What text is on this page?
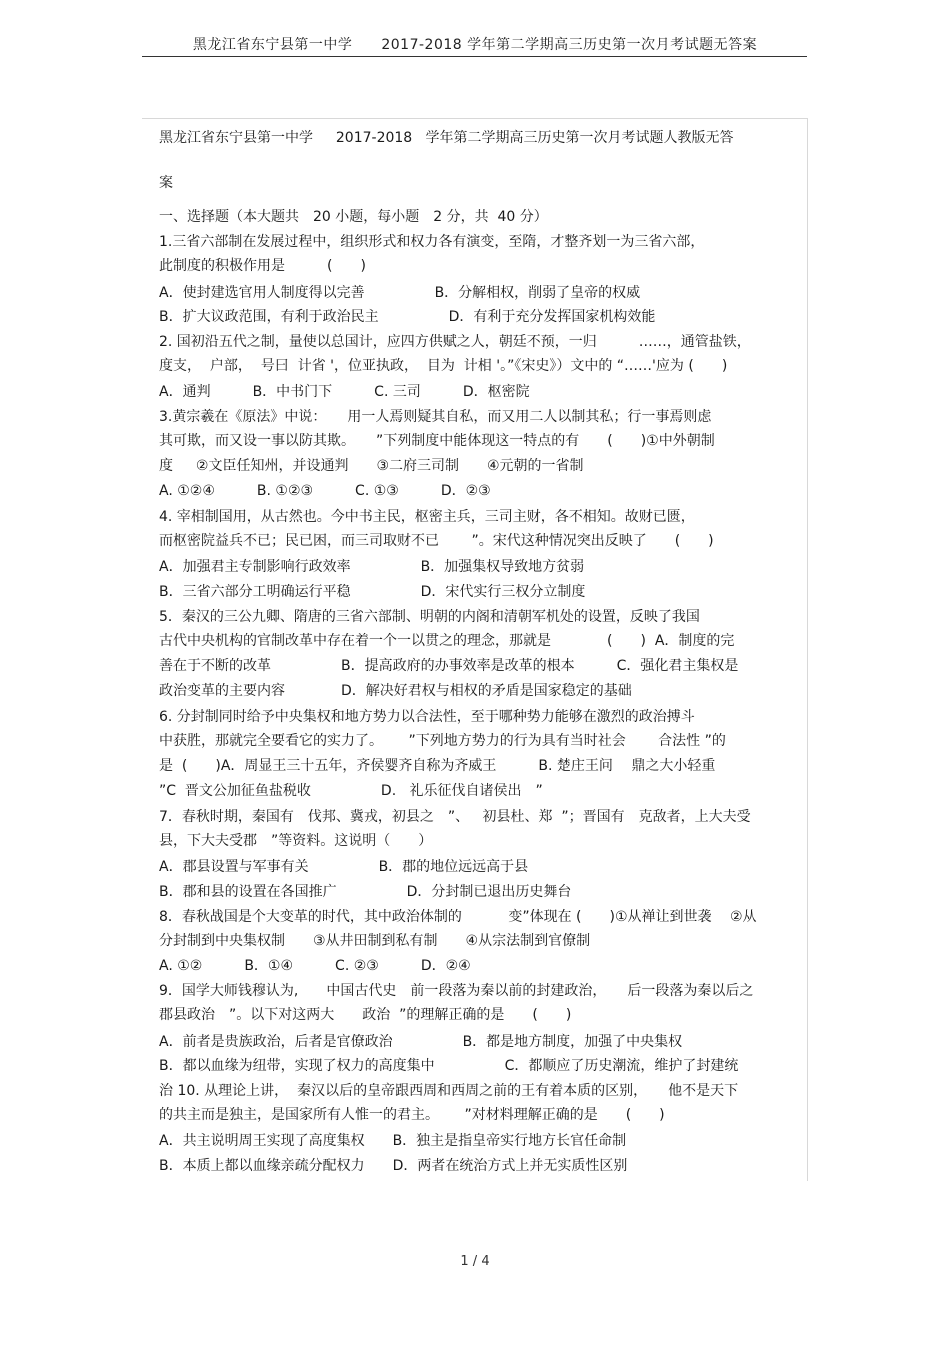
黑龙江省东宁县第一中学　　2017-2018 学年第二学期高三历史第一次月考试题无答案
黑龙江省东宁县第一中学　  2017-2018   学年第二学期高三历史第一次月考试题人教版无答
案
一、选择题（本大题共　20 小题，每小题　2 分，共  40 分）
1.三省六部制在发展过程中，组织形式和权力各有演变，至隋，才整齐划一为三省六部，
此制度的积极作用是　　　(　　)
A．使封建选官用人制度得以完善　　　　　B．分解相权，削弱了皇帝的权威
B．扩大议政范围，有利于政治民主　　　　　D．有利于充分发挥国家机构效能
2. 国初沿五代之制，量使以总国计，应四方供赋之人，朝廷不预，一归　　　……，通管盐铁，
度支，  户部，  号曰  计省 '，位亚执政，  目为  计相 '。”《宋史》）文中的 “……'应为 (　　)
A．通判　　　B．中书门下　　　C. 三司　　　D．枢密院
3.黄宗羲在《原法》中说：　　用一人焉则疑其自私，而又用二人以制其私；行一事焉则虑
其可欺，而又设一事以防其欺。　　”下列制度中能体现这一特点的有　　(　　)①中外朝制
度　  ②文臣任知州，并设通判　　③二府三司制　　④元朝的一省制
A. ①②④　　　B. ①②③　　　C. ①③　　　D．②③
4. 宰相制国用，从古然也。今中书主民，枢密主兵，三司主财，各不相知。故财已匮，
而枢密院益兵不已；民已困，而三司取财不已　　 ”。宋代这种情况突出反映了　　(　　)
A．加强君主专制影响行政效率　　　　　B．加强集权导致地方贫弱
B．三省六部分工明确运行平稳　　　　　D．宋代实行三权分立制度
5．秦汉的三公九卿、隋唐的三省六部制、明朝的内阁和清朝军机处的设置，反映了我国
古代中央机构的官制改革中存在着一个一以贯之的理念，那就是　　　　(　　)  A．制度的完
善在于不断的改革　　　　　B．提高政府的办事效率是改革的根本　　　C．强化君主集权是
政治变革的主要内容　　　　D．解决好君权与相权的矛盾是国家稳定的基础
6. 分封制同时给予中央集权和地方势力以合法性，至于哪种势力能够在激烈的政治搏斗
中获胜，那就完全要看它的实力了。　　 ”下列地方势力的行为具有当时社会　　 合法性 ”的
是  (　　)A．周显王三十五年，齐侯婴齐自称为齐威王　　　B. 楚庄王问　 鼎之大小轻重
”C  晋文公加征鱼盐税收　　　　　D.   礼乐征伐自诸侯出　”
7．春秋时期，秦国有　伐邦、冀戎，初县之　”、   初县杜、郑  ”；晋国有　克敌者，上大夫受
县，下大夫受郡　”等资料。这说明（　　）
A．郡县设置与军事有关　　　　　B．郡的地位远远高于县
B．郡和县的设置在各国推广　　　　　D．分封制已退出历史舞台
8．春秋战国是个大变革的时代，其中政治体制的　　　 变”体现在 (　　)①从禅让到世袭　 ②从
分封制到中央集权制　　③从井田制到私有制　　④从宗法制到官僚制
A. ①②　　　B．①④　　　C. ②③　　　D．②④
9．国学大师钱穆认为,　　中国古代史　前一段落为秦以前的封建政治，　　后一段落为秦以后之
郡县政治　”。以下对这两大　　政治  ”的理解正确的是　　(　　)
A．前者是贵族政治，后者是官僚政治　　　　　B．都是地方制度，加强了中央集权
B．都以血缘为纽带，实现了权力的高度集中　　　　　C．都顺应了历史潮流，维护了封建统
治 10. 从理论上讲，  秦汉以后的皇帝跟西周和西周之前的王有着本质的区别，　　他不是天下
的共主而是独主，是国家所有人惟一的君主。　　 ”对材料理解正确的是　　(　　)
A．共主说明周王实现了高度集权　　B．独主是指皇帝实行地方长官任命制
B．本质上都以血缘亲疏分配权力　　D．两者在统治方式上并无实质性区别
1 / 4
